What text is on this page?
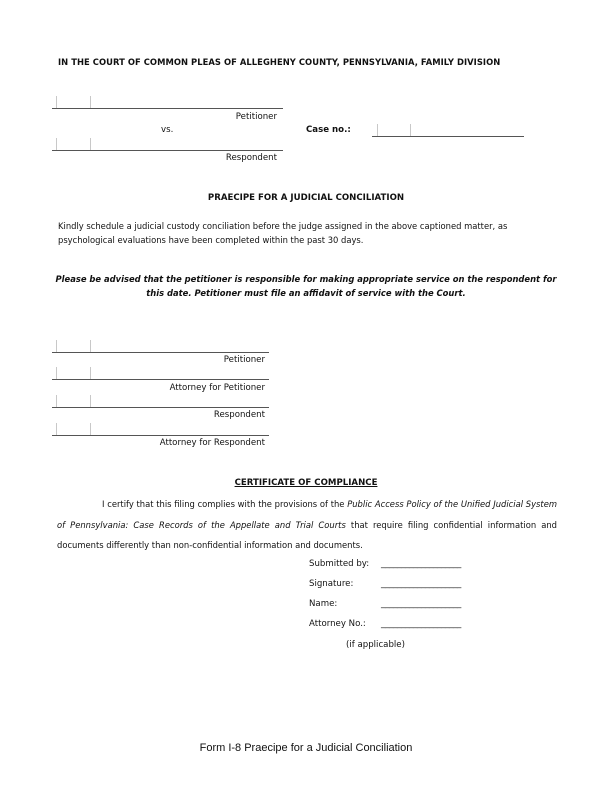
IN THE COURT OF COMMON PLEAS OF ALLEGHENY COUNTY, PENNSYLVANIA, FAMILY DIVISION
Petitioner
vs.	Case no.:
Respondent
PRAECIPE FOR A JUDICIAL CONCILIATION
Kindly schedule a judicial custody conciliation before the judge assigned in the above captioned matter, as psychological evaluations have been completed within the past 30 days.
Please be advised that the petitioner is responsible for making appropriate service on the respondent for this date. Petitioner must file an affidavit of service with the Court.
Petitioner
Attorney for Petitioner
Respondent
Attorney for Respondent
CERTIFICATE OF COMPLIANCE
I certify that this filing complies with the provisions of the Public Access Policy of the Unified Judicial System of Pennsylvania: Case Records of the Appellate and Trial Courts that require filing confidential information and documents differently than non-confidential information and documents.
Submitted by: ____________________
Signature:	____________________
Name:	____________________
Attorney No.: ____________________
(if applicable)
Form I-8 Praecipe for a Judicial Conciliation
